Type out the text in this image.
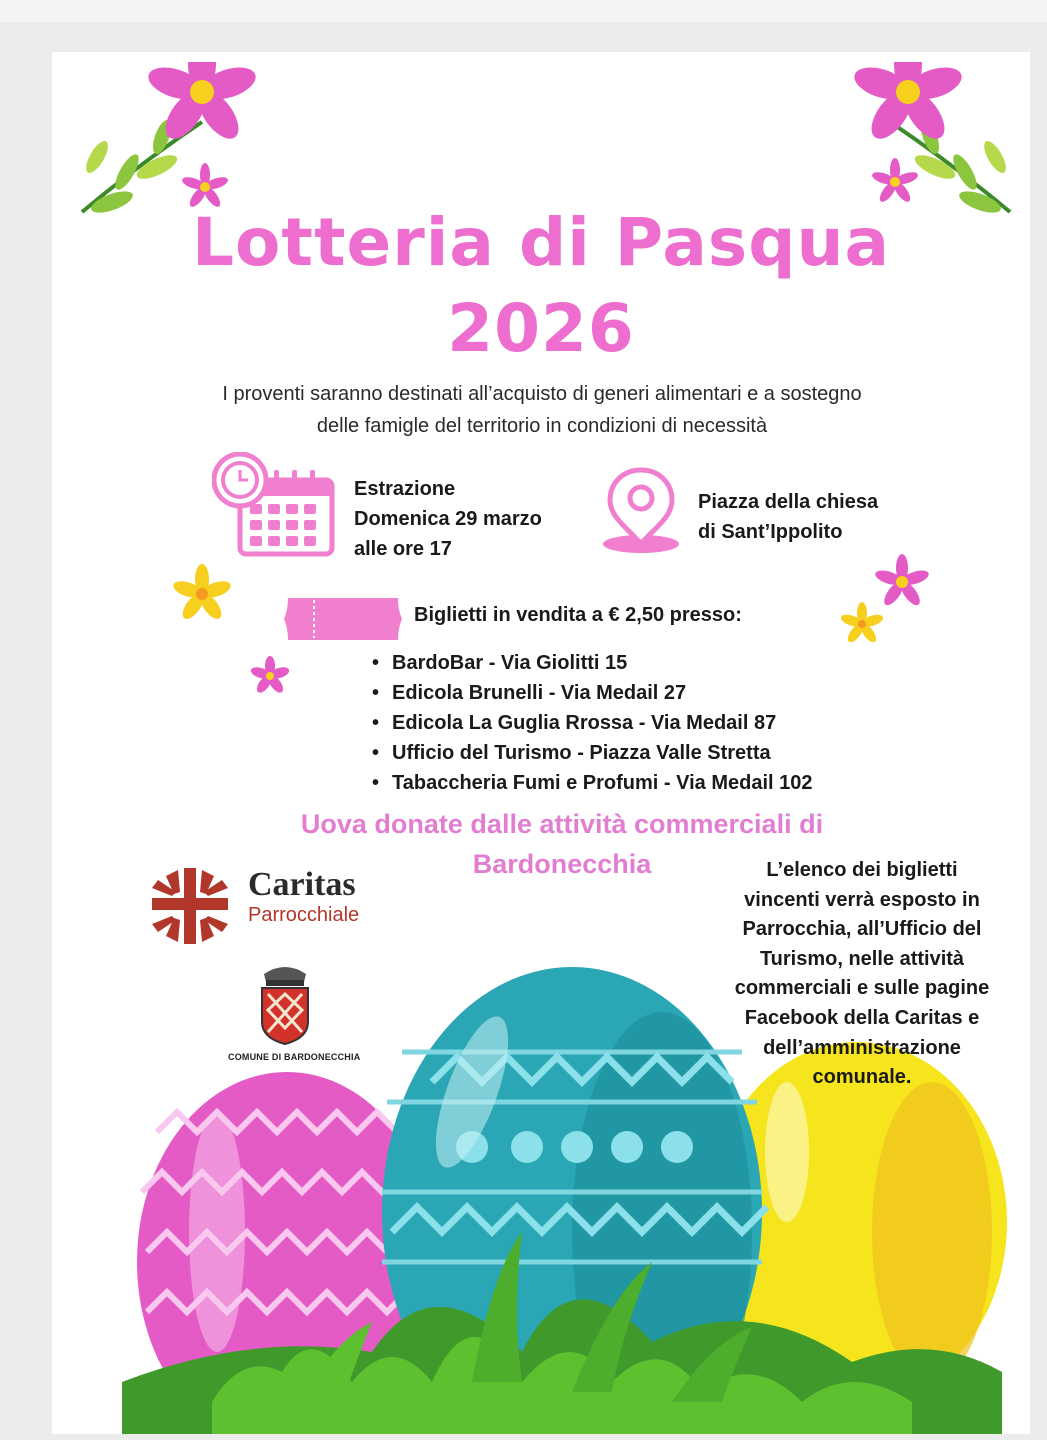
Lotteria di Pasqua
2026
I proventi saranno destinati all’acquisto di generi alimentari e a sostegno
delle famigle del territorio in condizioni di necessità
Estrazione
Domenica 29 marzo
alle ore 17
Piazza della chiesa
di Sant’Ippolito
Biglietti in vendita a € 2,50 presso:
• BardoBar - Via Giolitti 15
• Edicola Brunelli - Via Medail 27
• Edicola La Guglia Rrossa - Via Medail 87
• Ufficio del Turismo - Piazza Valle Stretta
• Tabaccheria Fumi e Profumi - Via Medail 102
Uova donate dalle attività commerciali di
Bardonecchia
Caritas
Parrocchiale
COMUNE DI BARDONECCHIA
L’elenco dei biglietti
vincenti verrà esposto in
Parrocchia, all’Ufficio del
Turismo, nelle attività
commerciali e sulle pagine
Facebook della Caritas e
dell’amministrazione
comunale.
